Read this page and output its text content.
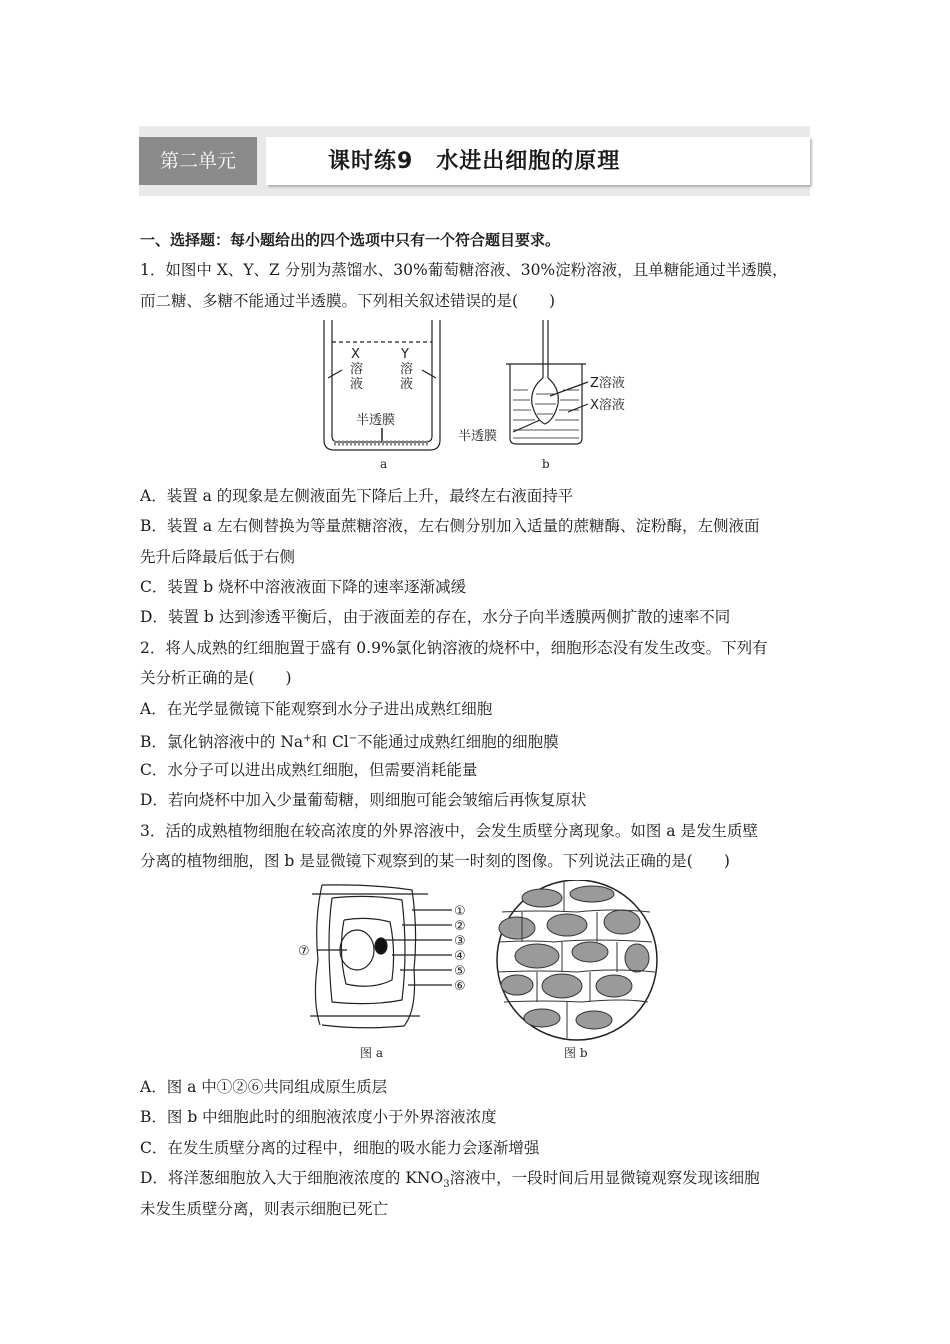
第二单元	课时练9　水进出细胞的原理
一、选择题：每小题给出的四个选项中只有一个符合题目要求。
1．如图中 X、Y、Z 分别为蒸馏水、30%葡萄糖溶液、30%淀粉溶液，且单糖能通过半透膜，
而二糖、多糖不能通过半透膜。下列相关叙述错误的是(　　)
X	Y
溶
液
溶
液
半透膜
a
Z溶液
X溶液
半透膜
b
A．装置 a 的现象是左侧液面先下降后上升，最终左右液面持平
B．装置 a 左右侧替换为等量蔗糖溶液，左右侧分别加入适量的蔗糖酶、淀粉酶，左侧液面
先升后降最后低于右侧
C．装置 b 烧杯中溶液液面下降的速率逐渐减缓
D．装置 b 达到渗透平衡后，由于液面差的存在，水分子向半透膜两侧扩散的速率不同
2．将人成熟的红细胞置于盛有 0.9%氯化钠溶液的烧杯中，细胞形态没有发生改变。下列有
关分析正确的是(　　)
A．在光学显微镜下能观察到水分子进出成熟红细胞
B．氯化钠溶液中的 Na+和 Cl−不能通过成熟红细胞的细胞膜
C．水分子可以进出成熟红细胞，但需要消耗能量
D．若向烧杯中加入少量葡萄糖，则细胞可能会皱缩后再恢复原状
3．活的成熟植物细胞在较高浓度的外界溶液中，会发生质壁分离现象。如图 a 是发生质壁
分离的植物细胞，图 b 是显微镜下观察到的某一时刻的图像。下列说法正确的是(　　)
①
②
③
④
⑤
⑥
⑦
图 a	图 b
A．图 a 中①②⑥共同组成原生质层
B．图 b 中细胞此时的细胞液浓度小于外界溶液浓度
C．在发生质壁分离的过程中，细胞的吸水能力会逐渐增强
D．将洋葱细胞放入大于细胞液浓度的 $KNO_3$溶液中，一段时间后用显微镜观察发现该细胞
未发生质壁分离，则表示细胞已死亡
